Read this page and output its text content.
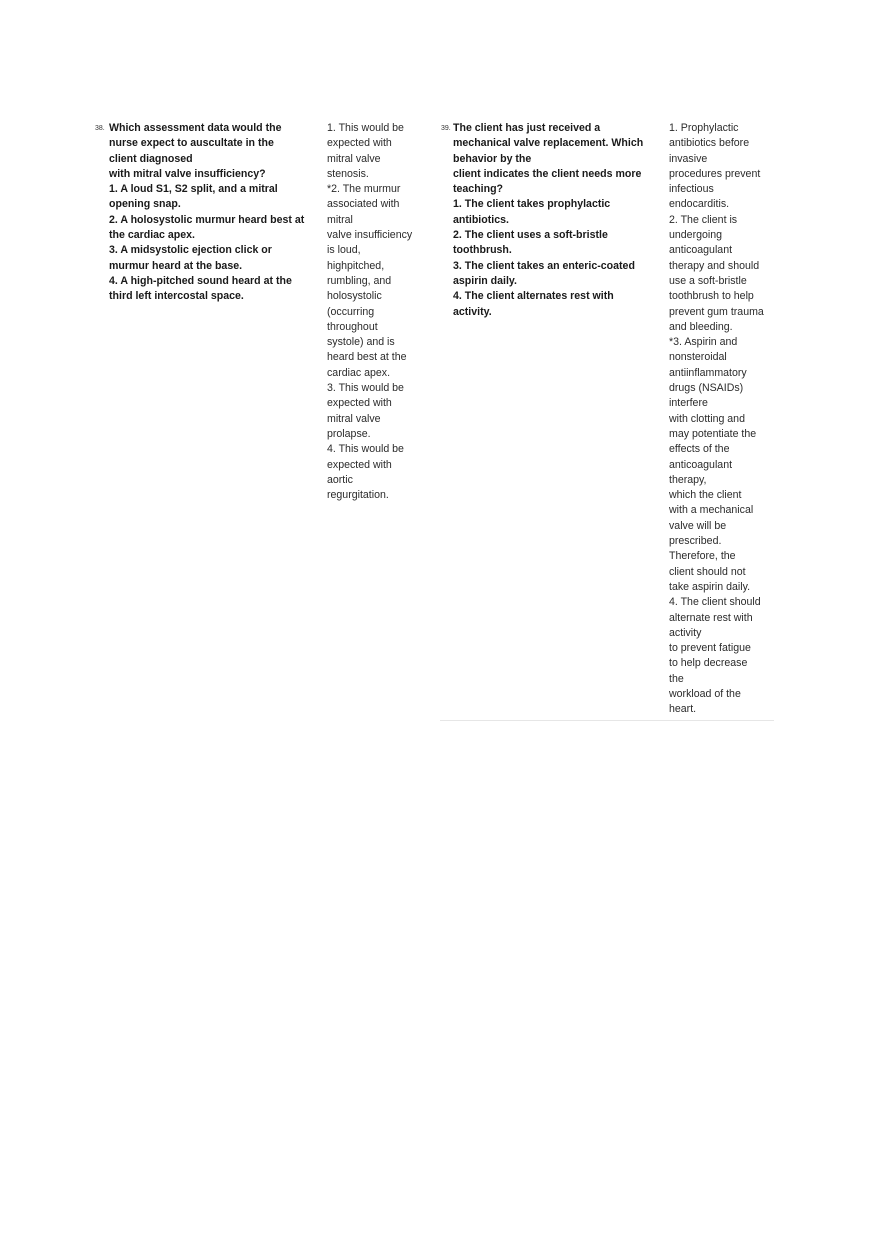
38. Which assessment data would the
nurse expect to auscultate in the
client diagnosed
with mitral valve insufficiency?
1. A loud S1, S2 split, and a mitral
opening snap.
2. A holosystolic murmur heard best at
the cardiac apex.
3. A midsystolic ejection click or
murmur heard at the base.
4. A high-pitched sound heard at the
third left intercostal space.
1. This would be
expected with
mitral valve
stenosis.
*2. The murmur
associated with
mitral
valve insufficiency
is loud,
highpitched,
rumbling, and
holosystolic
(occurring
throughout
systole) and is
heard best at the
cardiac apex.
3. This would be
expected with
mitral valve
prolapse.
4. This would be
expected with
aortic
regurgitation.
39. The client has just received a
mechanical valve replacement. Which
behavior by the
client indicates the client needs more
teaching?
1. The client takes prophylactic
antibiotics.
2. The client uses a soft-bristle
toothbrush.
3. The client takes an enteric-coated
aspirin daily.
4. The client alternates rest with
activity.
1. Prophylactic
antibiotics before
invasive
procedures prevent
infectious
endocarditis.
2. The client is
undergoing
anticoagulant
therapy and should
use a soft-bristle
toothbrush to help
prevent gum trauma
and bleeding.
*3. Aspirin and
nonsteroidal
antiinflammatory
drugs (NSAIDs)
interfere
with clotting and
may potentiate the
effects of the
anticoagulant
therapy,
which the client
with a mechanical
valve will be
prescribed.
Therefore, the
client should not
take aspirin daily.
4. The client should
alternate rest with
activity
to prevent fatigue
to help decrease
the
workload of the
heart.
